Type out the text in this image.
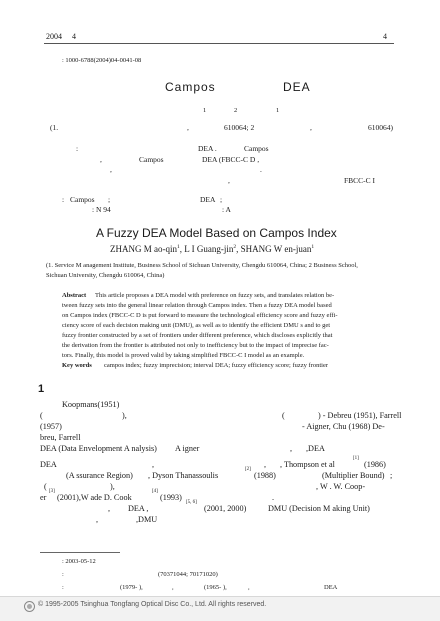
2004 4	4
: 1000-6788(2004)04-0041-08
Campos	DEA
1	2	1
(1.	,	610064; 2	,	610064)
:	DEA .	Campos
,	Campos	DEA (FBCC-C D ,
,	.
,	FBCC-C I
: Campos ;	DEA ;
: N 94	: A
A Fuzzy DEA Model Based on Campos Index
ZHANG M ao-qin$^1$, L I Guang-jin$^2$, SHANG W en-juan$^1$
(1. Service M anagement Institute, Business School of Sichuan University, Chengdu 610064, China; 2 Business School,
Sichuan University, Chengdu 610064, China)
Abstract This article proposes a DEA model with preference on fuzzy sets, and translates relation be-
tween fuzzy sets into the general linear relation through Campos index. Then a fuzzy DEA model based
on Campos index (FBCC-C D is put forward to measure the technological efficiency score and fuzzy effi-
ciency score of each decision making unit (DMU), as well as to identify the efficient DMU s and to get
fuzzy frontier constructed by a set of frontiers under different preference, which discloses explicitly that
the derivation from the frontier is attributed not only to inefficiency but to the impact of imprecise fac-
tors. Finally, this model is proved valid by taking simplified FBCC-C I model as an example.
Key words campos index; fuzzy imprecision; interval DEA; fuzzy efficiency score; fuzzy frontier
1
Koopmans(1951)
(	),	(	) - Debreu (1951), Farrell
(1957)	- Aigner, Chu (1968) De-
breu, Farrell
DEA (Data Envelopment A nalysis) A igner	, ,DEA
DEA	,	, , Thompson et al
[1]
(1986)
(A ssurance Region) , Dyson Thanassoulis
[2]
(1988)	(Multiplier Bound) ;
(	),	, W . W. Coop-
er
[3]
(2001),W ade D. Cook
[4]
(1993)	.
, DEA ,
[5, 6]
(2001, 2000)	DMU (Decision M aking Unit)
,	,DMU
: 2003-05-12
:	(70371044; 70171020)
:	(1979- ),	,	(1965- ),	,	DEA
© 1995-2005 Tsinghua Tongfang Optical Disc Co., Ltd. All rights reserved.
